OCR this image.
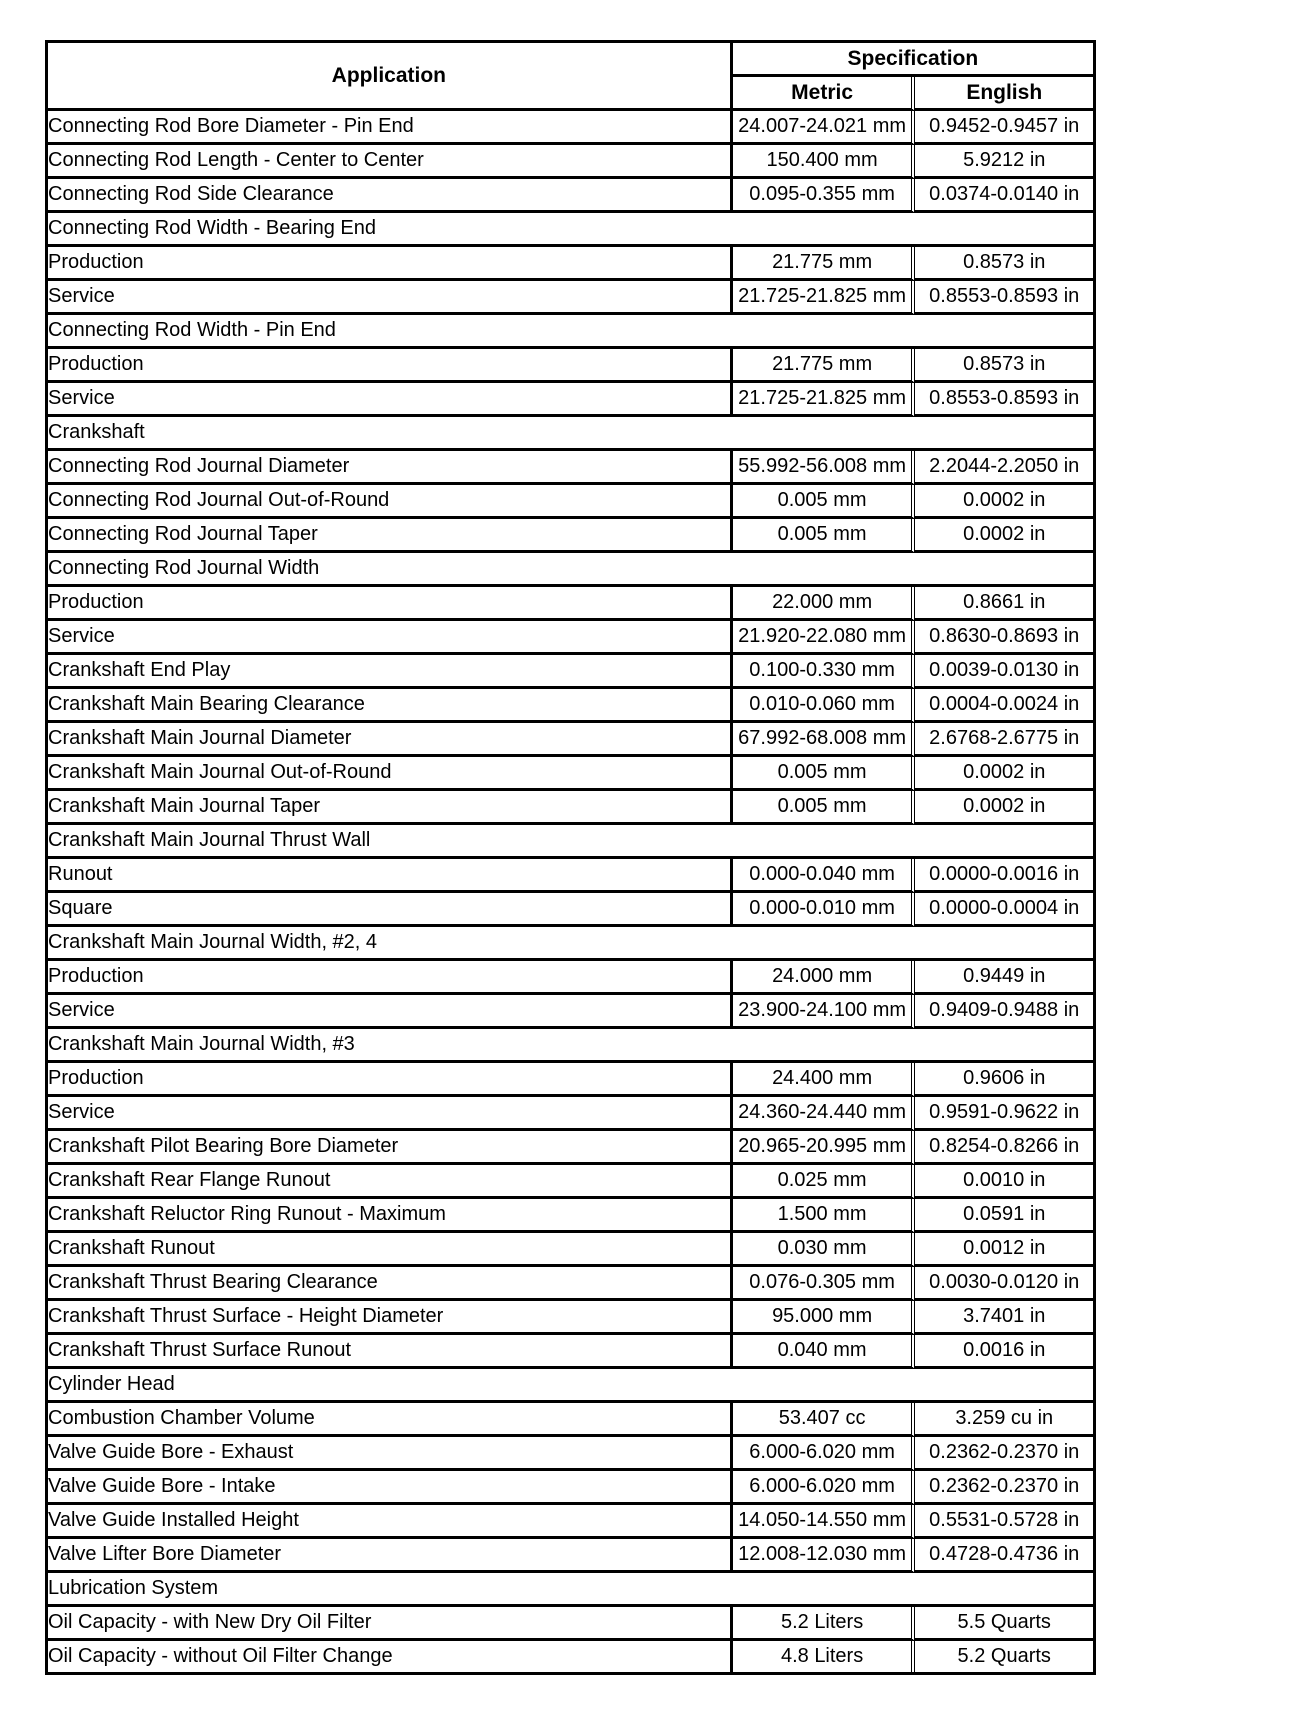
Application	Specification	
	Metric	English
Connecting Rod Bore Diameter - Pin End	24.007-24.021 mm	0.9452-0.9457 in
Connecting Rod Length - Center to Center	150.400 mm	5.9212 in
Connecting Rod Side Clearance	0.095-0.355 mm	0.0374-0.0140 in
Connecting Rod Width - Bearing End		
Production	21.775 mm	0.8573 in
Service	21.725-21.825 mm	0.8553-0.8593 in
Connecting Rod Width - Pin End		
Production	21.775 mm	0.8573 in
Service	21.725-21.825 mm	0.8553-0.8593 in
Crankshaft		
Connecting Rod Journal Diameter	55.992-56.008 mm	2.2044-2.2050 in
Connecting Rod Journal Out-of-Round	0.005 mm	0.0002 in
Connecting Rod Journal Taper	0.005 mm	0.0002 in
Connecting Rod Journal Width		
Production	22.000 mm	0.8661 in
Service	21.920-22.080 mm	0.8630-0.8693 in
Crankshaft End Play	0.100-0.330 mm	0.0039-0.0130 in
Crankshaft Main Bearing Clearance	0.010-0.060 mm	0.0004-0.0024 in
Crankshaft Main Journal Diameter	67.992-68.008 mm	2.6768-2.6775 in
Crankshaft Main Journal Out-of-Round	0.005 mm	0.0002 in
Crankshaft Main Journal Taper	0.005 mm	0.0002 in
Crankshaft Main Journal Thrust Wall		
Runout	0.000-0.040 mm	0.0000-0.0016 in
Square	0.000-0.010 mm	0.0000-0.0004 in
Crankshaft Main Journal Width, #2, 4		
Production	24.000 mm	0.9449 in
Service	23.900-24.100 mm	0.9409-0.9488 in
Crankshaft Main Journal Width, #3		
Production	24.400 mm	0.9606 in
Service	24.360-24.440 mm	0.9591-0.9622 in
Crankshaft Pilot Bearing Bore Diameter	20.965-20.995 mm	0.8254-0.8266 in
Crankshaft Rear Flange Runout	0.025 mm	0.0010 in
Crankshaft Reluctor Ring Runout - Maximum	1.500 mm	0.0591 in
Crankshaft Runout	0.030 mm	0.0012 in
Crankshaft Thrust Bearing Clearance	0.076-0.305 mm	0.0030-0.0120 in
Crankshaft Thrust Surface - Height Diameter	95.000 mm	3.7401 in
Crankshaft Thrust Surface Runout	0.040 mm	0.0016 in
Cylinder Head		
Combustion Chamber Volume	53.407 cc	3.259 cu in
Valve Guide Bore - Exhaust	6.000-6.020 mm	0.2362-0.2370 in
Valve Guide Bore - Intake	6.000-6.020 mm	0.2362-0.2370 in
Valve Guide Installed Height	14.050-14.550 mm	0.5531-0.5728 in
Valve Lifter Bore Diameter	12.008-12.030 mm	0.4728-0.4736 in
Lubrication System		
Oil Capacity - with New Dry Oil Filter	5.2 Liters	5.5 Quarts
Oil Capacity - without Oil Filter Change	4.8 Liters	5.2 Quarts
